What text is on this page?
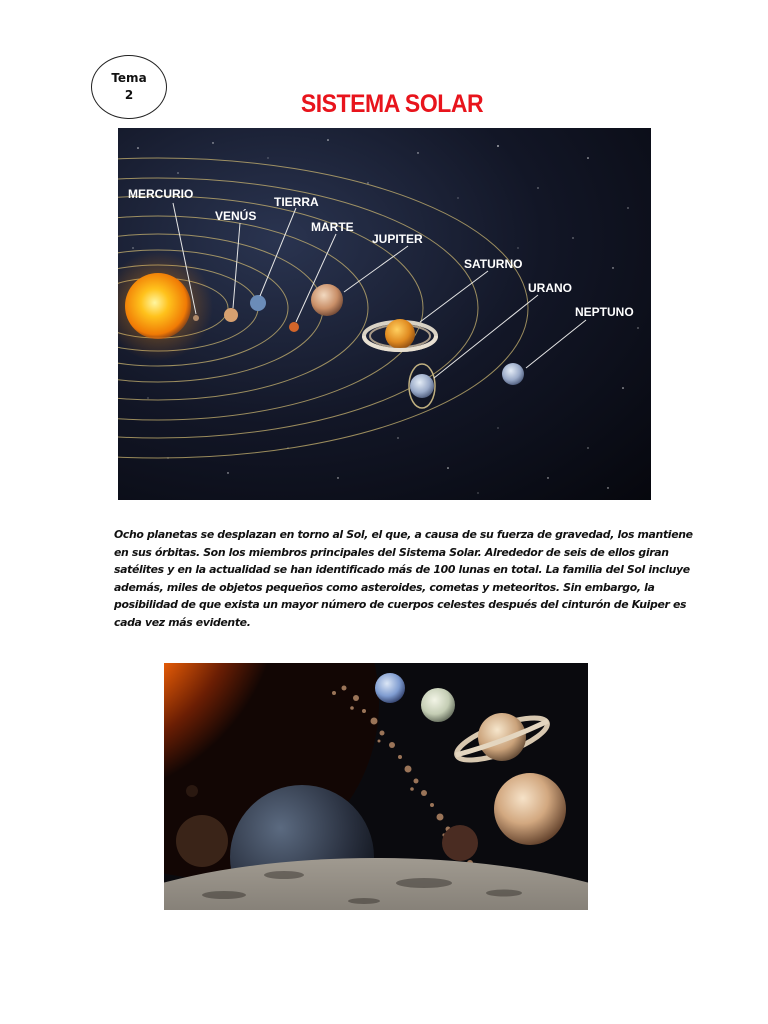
Tema
2	SISTEMA SOLAR
MERCURIO
VENÚS
TIERRA
MARTE
JUPITER
SATURNO
URANO
NEPTUNO
Ocho planetas se desplazan en torno al Sol, el que, a causa de su fuerza de gravedad, los mantiene en sus órbitas. Son los miembros principales del Sistema Solar. Alrededor de seis de ellos giran satélites y en la actualidad se han identificado más de 100 lunas en total. La familia del Sol incluye además, miles de objetos pequeños como asteroides, cometas y meteoritos. Sin embargo, la posibilidad de que exista un mayor número de cuerpos celestes después del cinturón de Kuiper es cada vez más evidente.
